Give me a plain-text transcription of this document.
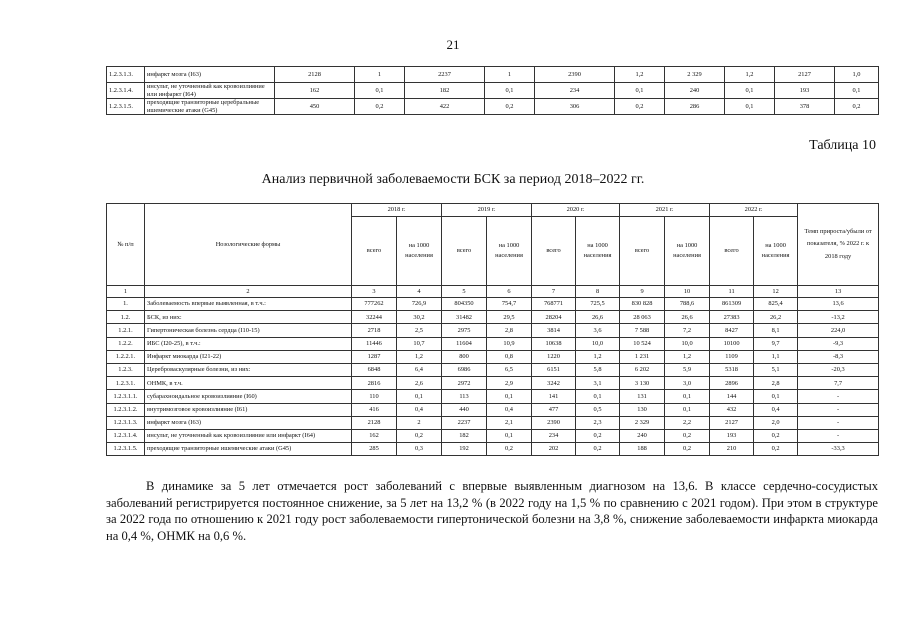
21
1.2.3.1.3.	инфаркт мозга (I63)	2128	1	2237	1	2390	1,2	2 329	1,2	2127	1,0
1.2.3.1.4.	инсульт, не уточненный как кровоизлияние или инфаркт (I64)	162	0,1	182	0,1	234	0,1	240	0,1	193	0,1
1.2.3.1.5.	преходящие транзиторные церебральные ишемические атаки (G45)	450	0,2	422	0,2	306	0,2	286	0,1	378	0,2
Таблица 10
Анализ первичной заболеваемости БСК за период 2018–2022 гг.
№ п/п	Нозологические формы	2018 г.		2019 г.		2020 г.		2021 г.		2022 г.		Темп прироста/убыли от показателя, % 2022 г. к 2018 году
		всего	на 1000 населения	всего	на 1000 населения	всего	на 1000 населения	всего	на 1000 населения	всего	на 1000 населения	
1	2	3	4	5	6	7	8	9	10	11	12	13
1.	Заболеваемость впервые выявленная, в т.ч.:	777262	726,9	804350	754,7	768771	725,5	830 828	788,6	861309	825,4	13,6
1.2.	БСК, из них:	32244	30,2	31482	29,5	28204	26,6	28 063	26,6	27383	26,2	-13,2
1.2.1.	Гипертоническая болезнь сердца (I10-15)	2718	2,5	2975	2,8	3814	3,6	7 588	7,2	8427	8,1	224,0
1.2.2.	ИБС (I20-25), в т.ч.:	11446	10,7	11604	10,9	10638	10,0	10 524	10,0	10100	9,7	-9,3
1.2.2.1.	Инфаркт миокарда (I21-22)	1287	1,2	800	0,8	1220	1,2	1 231	1,2	1109	1,1	-8,3
1.2.3.	Цереброваскулярные болезни, из них:	6848	6,4	6986	6,5	6151	5,8	6 202	5,9	5318	5,1	-20,3
1.2.3.1.	ОНМК, в т.ч.	2816	2,6	2972	2,9	3242	3,1	3 130	3,0	2896	2,8	7,7
1.2.3.1.1.	субарахноидальное кровоизлияние (I60)	110	0,1	113	0,1	141	0,1	131	0,1	144	0,1	-
1.2.3.1.2.	внутримозговое кровоизлияние (I61)	416	0,4	440	0,4	477	0,5	130	0,1	432	0,4	-
1.2.3.1.3.	инфаркт мозга (I63)	2128	2	2237	2,1	2390	2,3	2 329	2,2	2127	2,0	-
1.2.3.1.4.	инсульт, не уточненный как кровоизлияние или инфаркт (I64)	162	0,2	182	0,1	234	0,2	240	0,2	193	0,2	-
1.2.3.1.5.	преходящие транзиторные ишемические атаки (G45)	285	0,3	192	0,2	202	0,2	188	0,2	210	0,2	-33,3

В динамике за 5 лет отмечается рост заболеваний с впервые выявленным диагнозом на 13,6. В классе сердечно-сосудистых заболеваний регистрируется постоянное снижение, за 5 лет на 13,2 % (в 2022 году на 1,5 % по сравнению с 2021 годом). При этом в структуре за 2022 года по отношению к 2021 году рост заболеваемости гипертонической болезни на 3,8 %, снижение заболеваемости инфаркта миокарда на 0,4 %, ОНМК на 0,6 %.
